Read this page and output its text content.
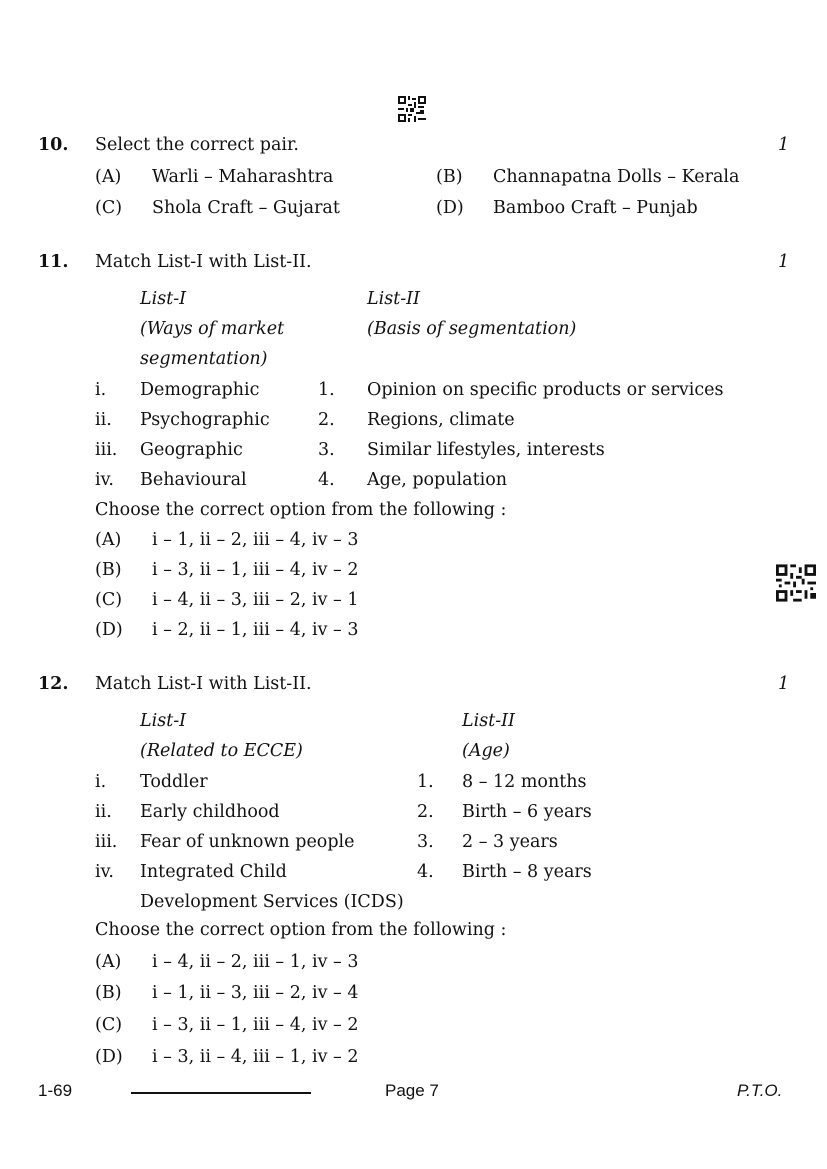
10. Select the correct pair.	1
(A) Warli – Maharashtra	(B) Channapatna Dolls – Kerala
(C) Shola Craft – Gujarat	(D) Bamboo Craft – Punjab
11. Match List-I with List-II.	1
List-I	List-II
(Ways of market	(Basis of segmentation)
segmentation)
i. Demographic	1. Opinion on specific products or services
ii. Psychographic	2. Regions, climate
iii. Geographic	3. Similar lifestyles, interests
iv. Behavioural	4. Age, population
Choose the correct option from the following :
(A) i – 1, ii – 2, iii – 4, iv – 3
(B) i – 3, ii – 1, iii – 4, iv – 2
(C) i – 4, ii – 3, iii – 2, iv – 1
(D) i – 2, ii – 1, iii – 4, iv – 3
12. Match List-I with List-II.	1
List-I	List-II
(Related to ECCE)	(Age)
i. Toddler	1. 8 – 12 months
ii. Early childhood	2. Birth – 6 years
iii. Fear of unknown people	3. 2 – 3 years
iv. Integrated Child	4. Birth – 8 years
Development Services (ICDS)
Choose the correct option from the following :
(A) i – 4, ii – 2, iii – 1, iv – 3
(B) i – 1, ii – 3, iii – 2, iv – 4
(C) i – 3, ii – 1, iii – 4, iv – 2
(D) i – 3, ii – 4, iii – 1, iv – 2
1-69	Page 7	P.T.O.
